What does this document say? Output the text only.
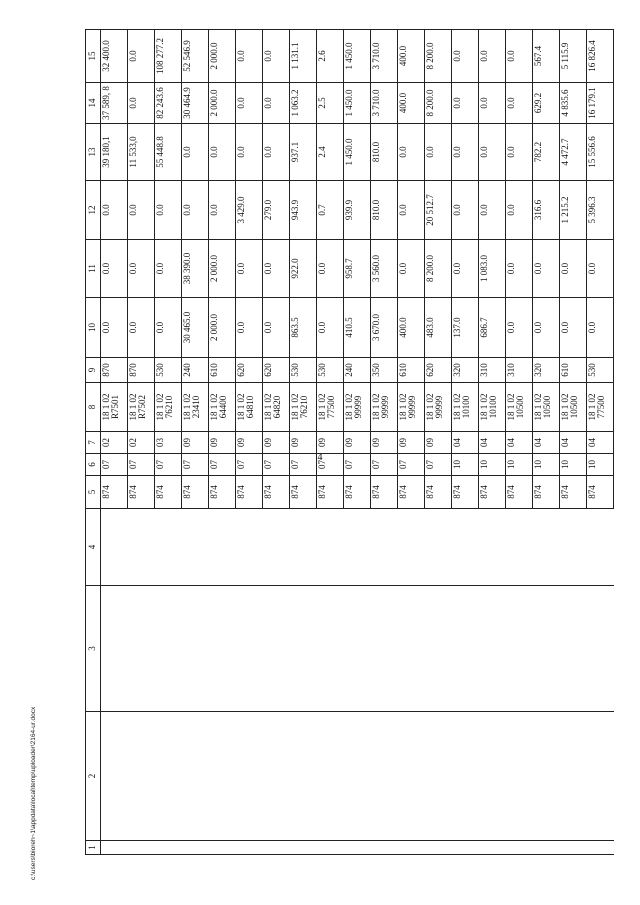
4
1	2	3	4	5	6	7	8	9	10	11	12	13	14	15
				874	07	02	18 1 02 R7501	870	0.0	0.0	0.0	39 180,1	37 589, 8	32 400.0
				874	07	02	18 1 02 R7502	870	0.0	0.0	0.0	11 533,0	0.0	0.0
				874	07	03	18 1 02 76210	530	0.0	0.0	0.0	55 448.8	82 243.6	108 277.2
				874	07	09	18 1 02 23410	240	30 465.0	38 390.0	0.0	0.0	30 464.9	52 546.9
				874	07	09	18 1 02 64400	610	2 000.0	2 000.0	0.0	0.0	2 000.0	2 000.0
				874	07	09	18 1 02 64810	620	0.0	0.0	3 429.0	0.0	0.0	0.0
				874	07	09	18 1 02 64820	620	0.0	0.0	279.0	0.0	0.0	0.0
				874	07	09	18 1 02 76210	530	863.5	922.0	943.9	937.1	1 063.2	1 131.1
				874	07	09	18 1 02 77500	530	0.0	0.0	0.7	2.4	2.5	2.6
				874	07	09	18 1 02 99999	240	410.5	958.7	939.9	1 450.0	1 450.0	1 450.0
				874	07	09	18 1 02 99999	350	3 670.0	3 560.0	810.0	810.0	3 710.0	3 710.0
				874	07	09	18 1 02 99999	610	400.0	0.0	0.0	0.0	400.0	400.0
				874	07	09	18 1 02 99999	620	483.0	8 200.0	20 512.7	0.0	8 200.0	8 200.0
				874	10	04	18 1 02 10100	320	137.0	0.0	0.0	0.0	0.0	0.0
				874	10	04	18 1 02 10100	310	686.7	1 083.0	0.0	0.0	0.0	0.0
				874	10	04	18 1 02 10500	310	0.0	0.0	0.0	0.0	0.0	0.0
				874	10	04	18 1 02 10500	320	0.0	0.0	316.6	782.2	629.2	567.4
				874	10	04	18 1 02 10500	610	0.0	0.0	1 215.2	4 472.7	4 835.6	5 115.9
				874	10	04	18 1 02 77500	530	0.0	0.0	5 396.3	15 556.6	16 179.1	16 826.4
c:\users\bioreh~1\appdata\local\temp\uploader\2164-ur.docx
